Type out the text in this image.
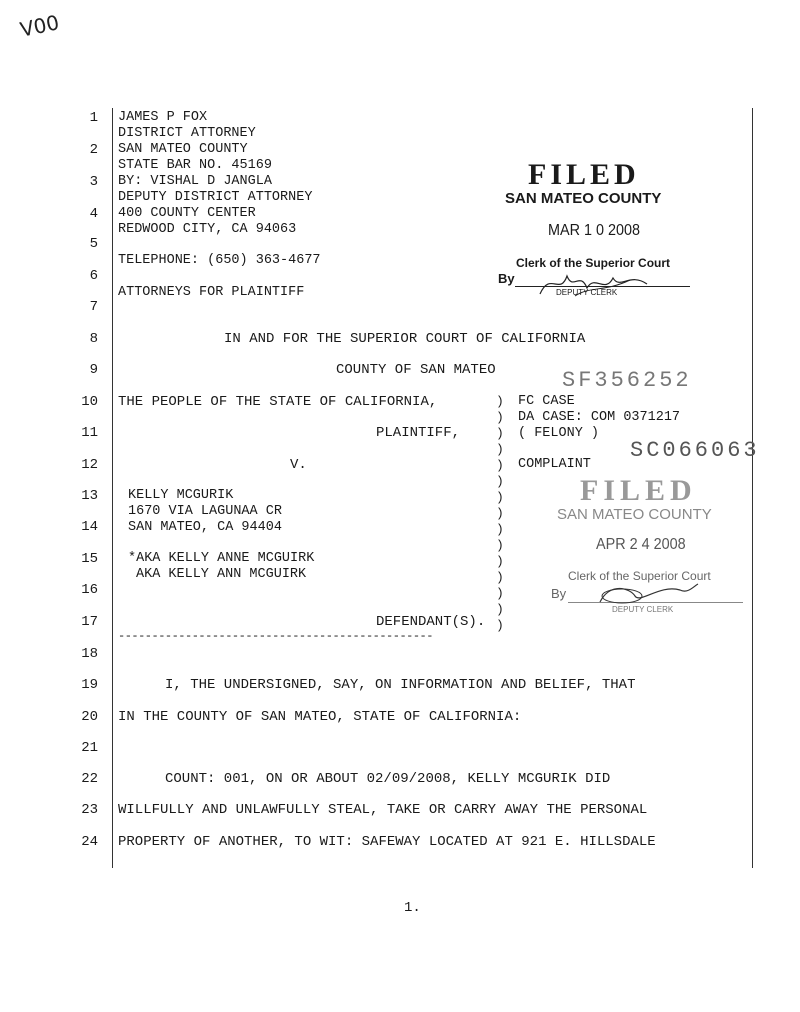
V00
1
2
3
4
5
6
7
8
9
10
11
12
13
14
15
16
17
18
19
20
21
22
23
24
JAMES P FOX
DISTRICT ATTORNEY
SAN MATEO COUNTY
STATE BAR NO. 45169
BY: VISHAL D JANGLA
DEPUTY DISTRICT ATTORNEY
400 COUNTY CENTER
REDWOOD CITY, CA 94063
TELEPHONE: (650) 363-4677
ATTORNEYS FOR PLAINTIFF
FILED
SAN MATEO COUNTY
MAR 1 0 2008
Clerk of the Superior Court
By
DEPUTY CLERK
IN AND FOR THE SUPERIOR COURT OF CALIFORNIA
COUNTY OF SAN MATEO	SF356252
THE PEOPLE OF THE STATE OF CALIFORNIA,
PLAINTIFF,
V.
KELLY MCGURIK
1670 VIA LAGUNAA CR
SAN MATEO, CA 94404
*AKA KELLY ANNE MCGUIRK
AKA KELLY ANN MCGUIRK
DEFENDANT(S).
-----------------------------------------------
)
)
)
)
)
)
)
)
)
)
)
)
)
)
)
FC CASE
DA CASE: COM 0371217
( FELONY )
COMPLAINT
SC066063
FILED
SAN MATEO COUNTY
APR 2 4 2008
Clerk of the Superior Court
By
DEPUTY CLERK
I, THE UNDERSIGNED, SAY, ON INFORMATION AND BELIEF, THAT
IN THE COUNTY OF SAN MATEO, STATE OF CALIFORNIA:
COUNT: 001, ON OR ABOUT 02/09/2008, KELLY MCGURIK DID
WILLFULLY AND UNLAWFULLY STEAL, TAKE OR CARRY AWAY THE PERSONAL
PROPERTY OF ANOTHER, TO WIT: SAFEWAY LOCATED AT 921 E. HILLSDALE
1.
